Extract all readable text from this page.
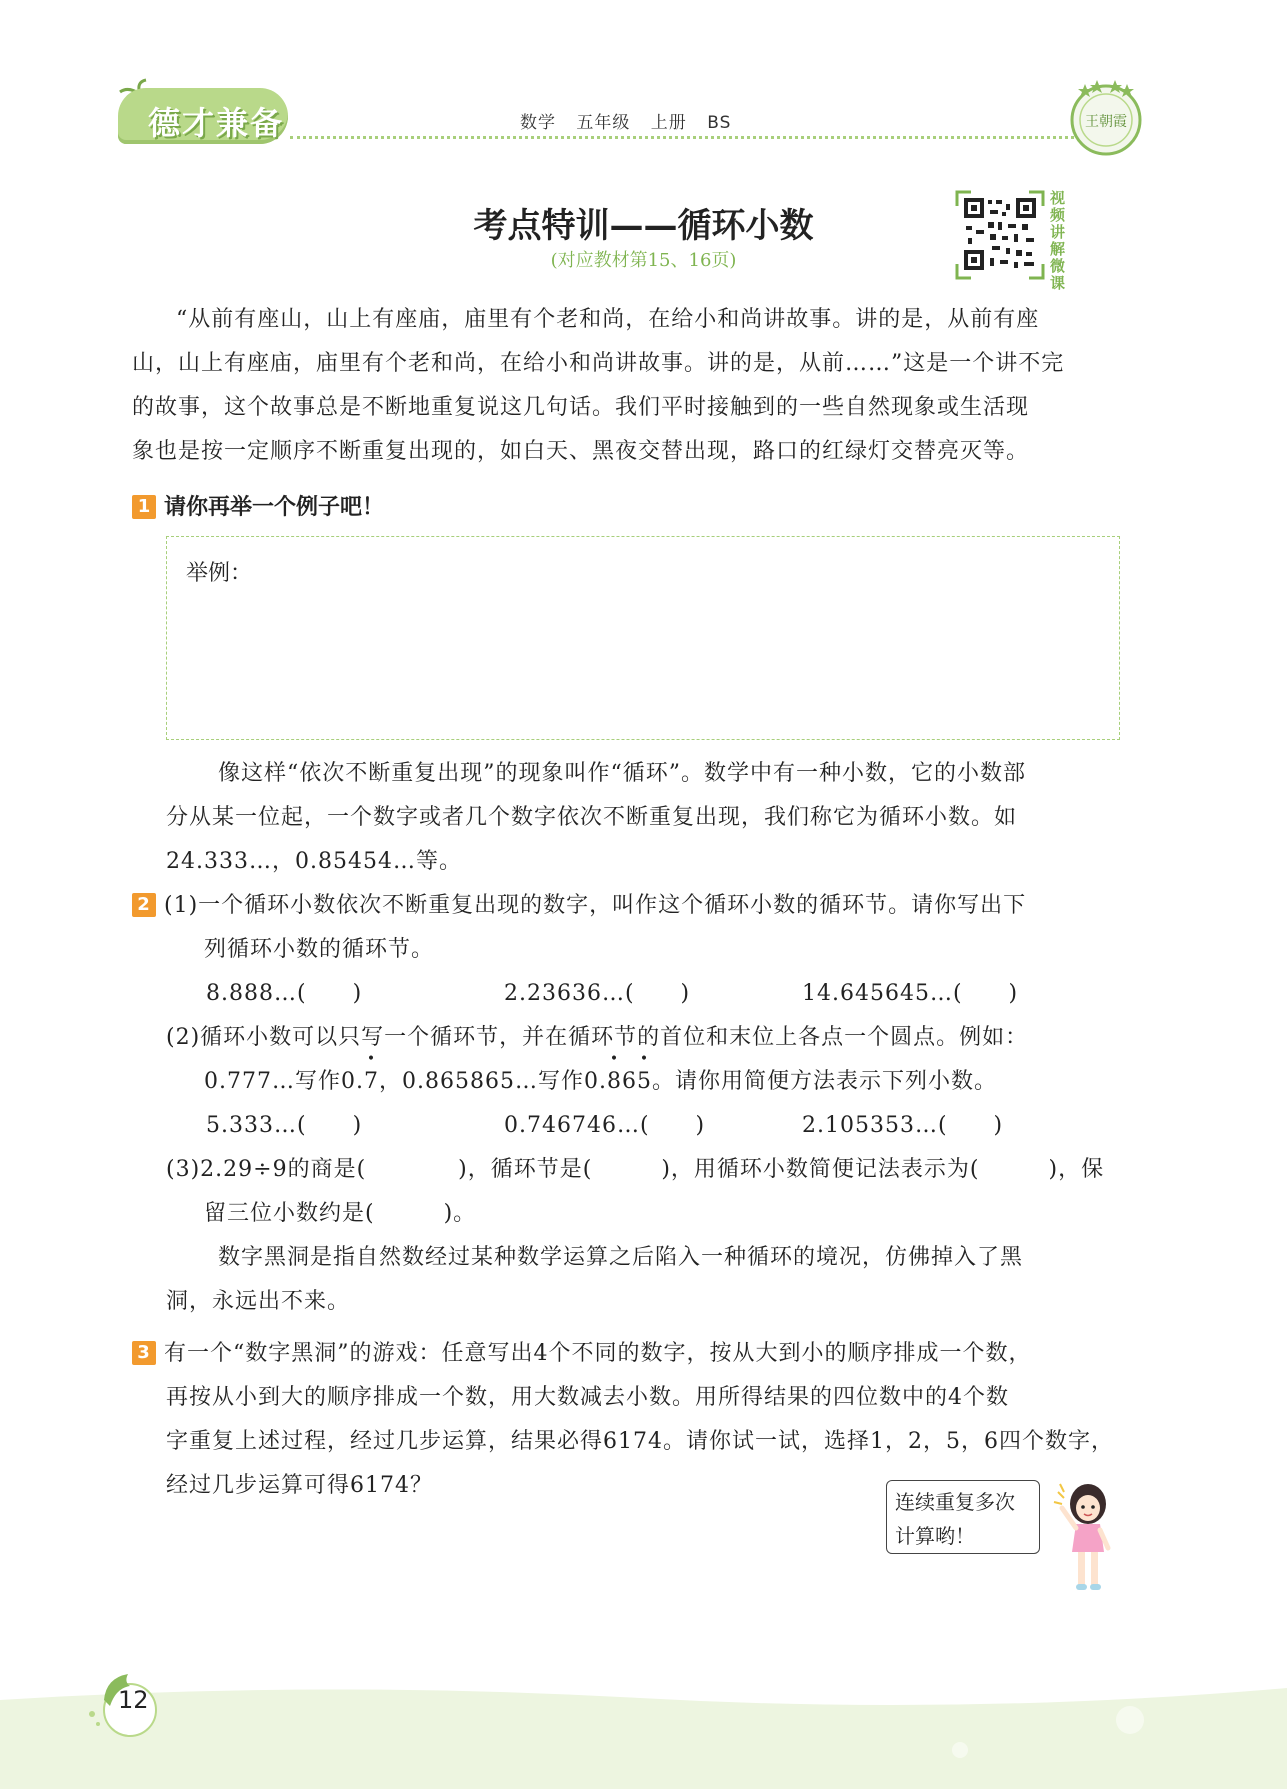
德才兼备	数学 五年级 上册 BS	王朝霞
考点特训——循环小数
(对应教材第15、16页)
视频讲解微课
“从前有座山，山上有座庙，庙里有个老和尚，在给小和尚讲故事。讲的是，从前有座
山，山上有座庙，庙里有个老和尚，在给小和尚讲故事。讲的是，从前……”这是一个讲不完
的故事，这个故事总是不断地重复说这几句话。我们平时接触到的一些自然现象或生活现
象也是按一定顺序不断重复出现的，如白天、黑夜交替出现，路口的红绿灯交替亮灭等。
1 请你再举一个例子吧！
举例：
像这样“依次不断重复出现”的现象叫作“循环”。数学中有一种小数，它的小数部
分从某一位起，一个数字或者几个数字依次不断重复出现，我们称它为循环小数。如
24.333…，0.85454…等。
2 (1)一个循环小数依次不断重复出现的数字，叫作这个循环小数的循环节。请你写出下
列循环小数的循环节。
8.888…(　　)	2.23636…(　　)	14.645645…(　　)
(2)循环小数可以只写一个循环节，并在循环节的首位和末位上各点一个圆点。例如：
0.777…写作0.• 7，0.865865…写作0.• 86• 5。请你用简便方法表示下列小数。
5.333…(　　)	0.746746…(　　)	2.105353…(　　)
(3)2.29÷9的商是(　　　　)，循环节是(　　　)，用循环小数简便记法表示为(　　　)，保
留三位小数约是(　　　)。
数字黑洞是指自然数经过某种数学运算之后陷入一种循环的境况，仿佛掉入了黑
洞，永远出不来。
3 有一个“数字黑洞”的游戏：任意写出4个不同的数字，按从大到小的顺序排成一个数，
再按从小到大的顺序排成一个数，用大数减去小数。用所得结果的四位数中的4个数
字重复上述过程，经过几步运算，结果必得6174。请你试一试，选择1，2，5，6四个数字，
经过几步运算可得6174？
连续重复多次
计算哟！
12
